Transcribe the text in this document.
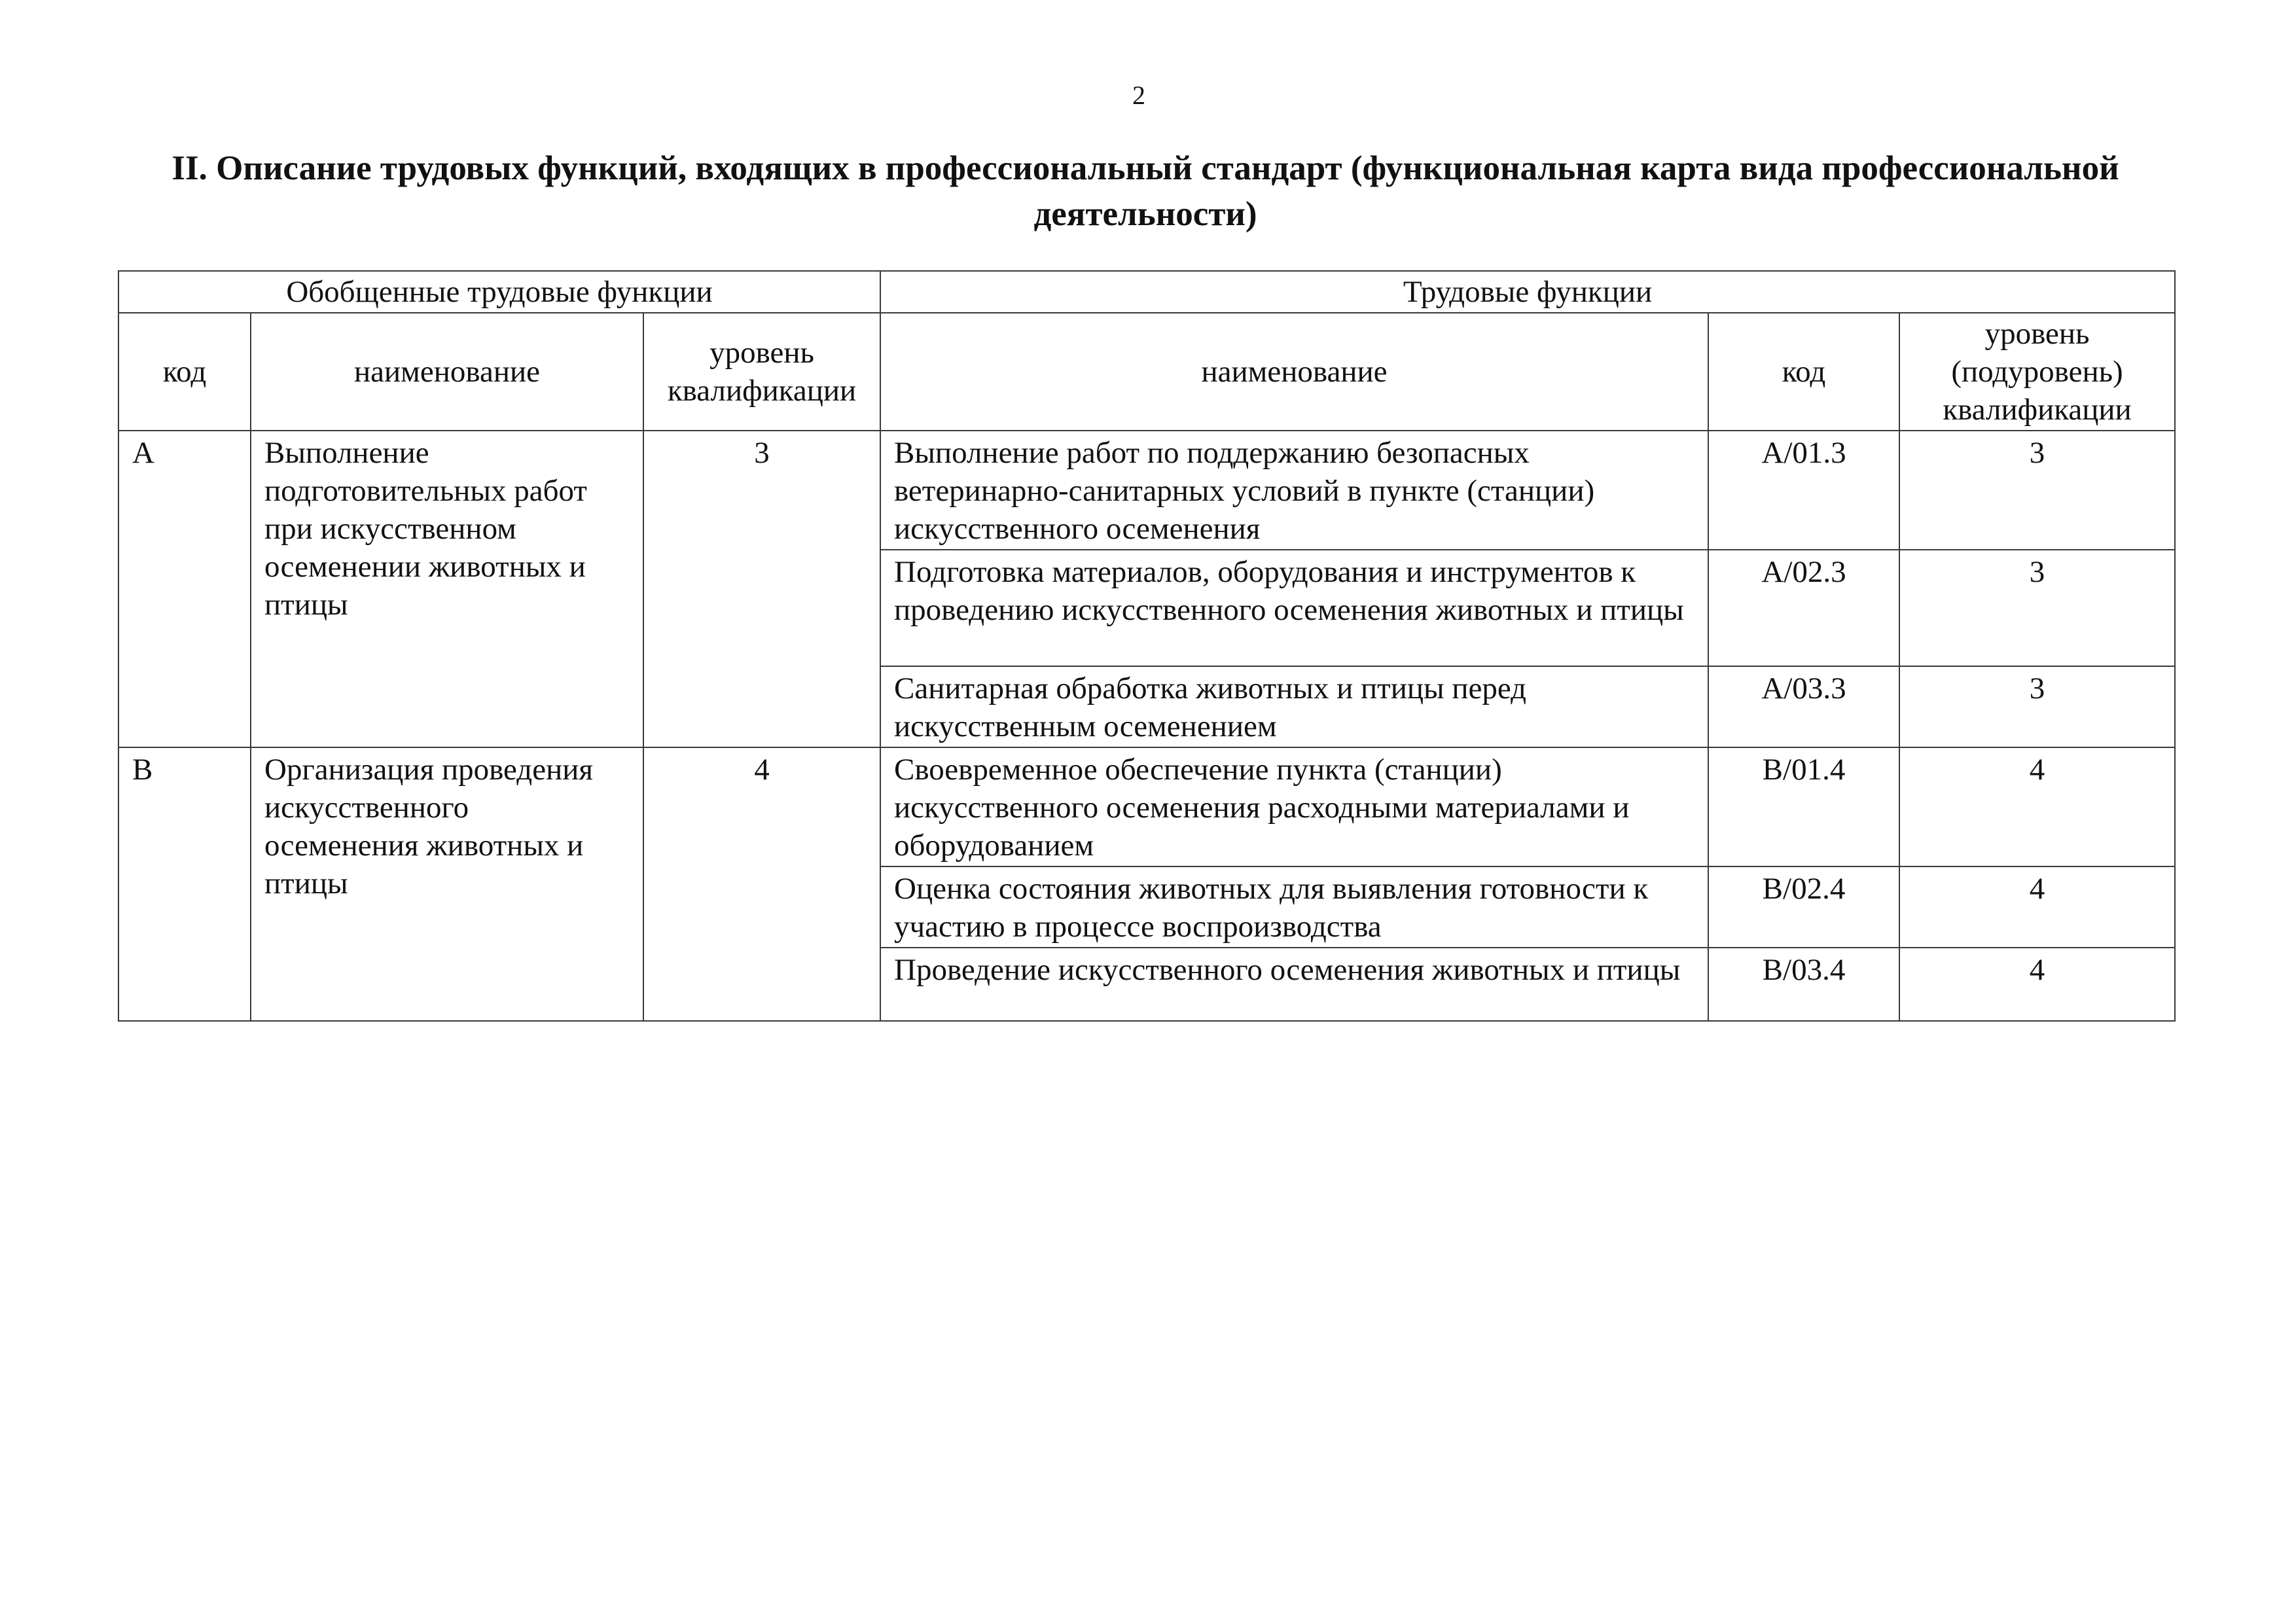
2
II. Описание трудовых функций, входящих в профессиональный стандарт (функциональная карта вида профессиональной деятельности)
Обобщенные трудовые функции			Трудовые функции		
код	наименование	уровень квалификации	наименование	код	уровень (подуровень) квалификации
А	Выполнение подготовительных работ при искусственном осеменении животных и птицы	3	Выполнение работ по поддержанию безопасных ветеринарно-санитарных условий в пункте (станции) искусственного осеменения	А/01.3	3
			Подготовка материалов, оборудования и инструментов к проведению искусственного осеменения животных и птицы	А/02.3	3
			Санитарная обработка животных и птицы перед искусственным осеменением	А/03.3	3
В	Организация проведения искусственного осеменения животных и птицы	4	Своевременное обеспечение пункта (станции) искусственного осеменения расходными материалами и оборудованием	В/01.4	4
			Оценка состояния животных для выявления готовности к участию в процессе воспроизводства	В/02.4	4
			Проведение искусственного осеменения животных и птицы	В/03.4	4
